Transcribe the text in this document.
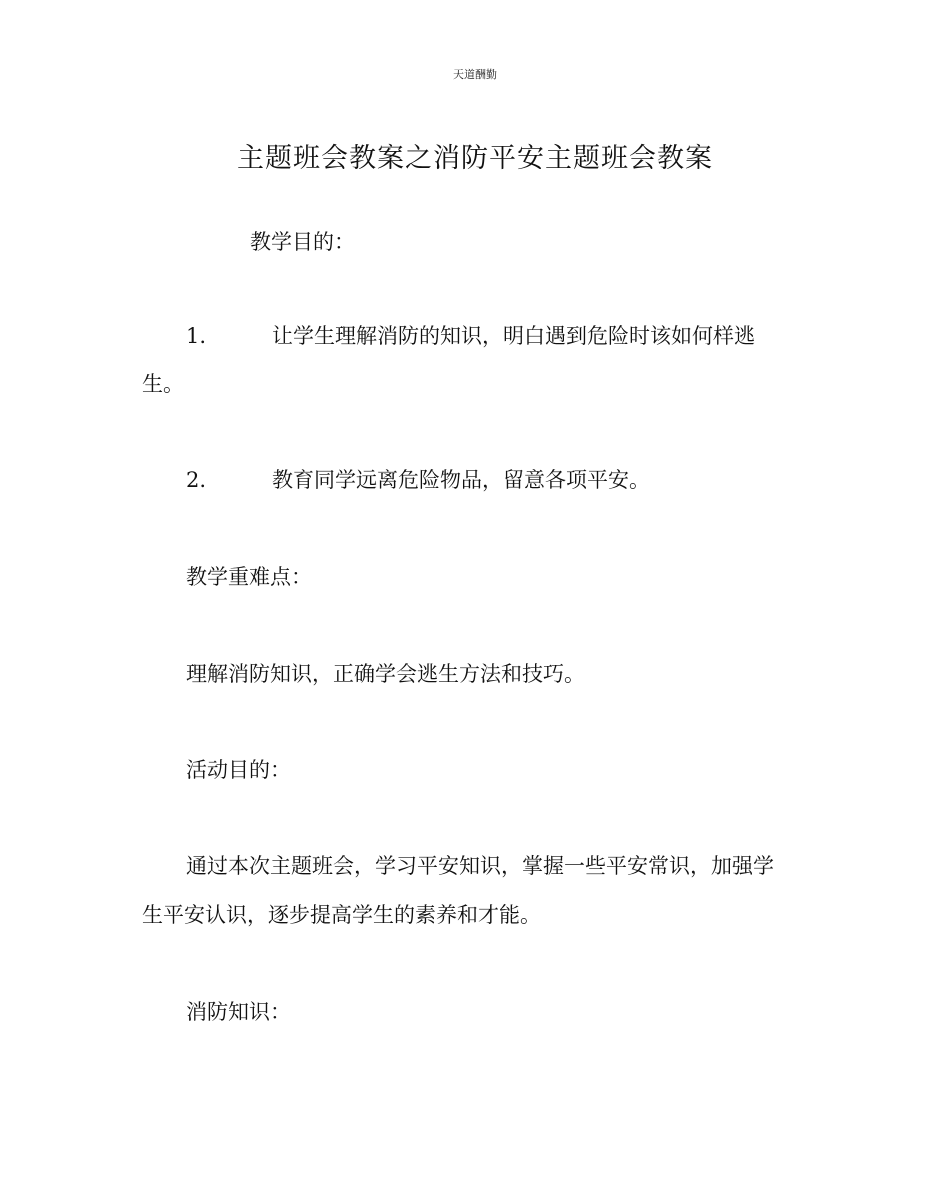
天道酬勤
主题班会教案之消防平安主题班会教案
教学目的：
1.	让学生理解消防的知识，明白遇到危险时该如何样逃
生。
2.	教育同学远离危险物品，留意各项平安。
教学重难点：
理解消防知识，正确学会逃生方法和技巧。
活动目的：
通过本次主题班会，学习平安知识，掌握一些平安常识，加强学
生平安认识，逐步提高学生的素养和才能。
消防知识：
